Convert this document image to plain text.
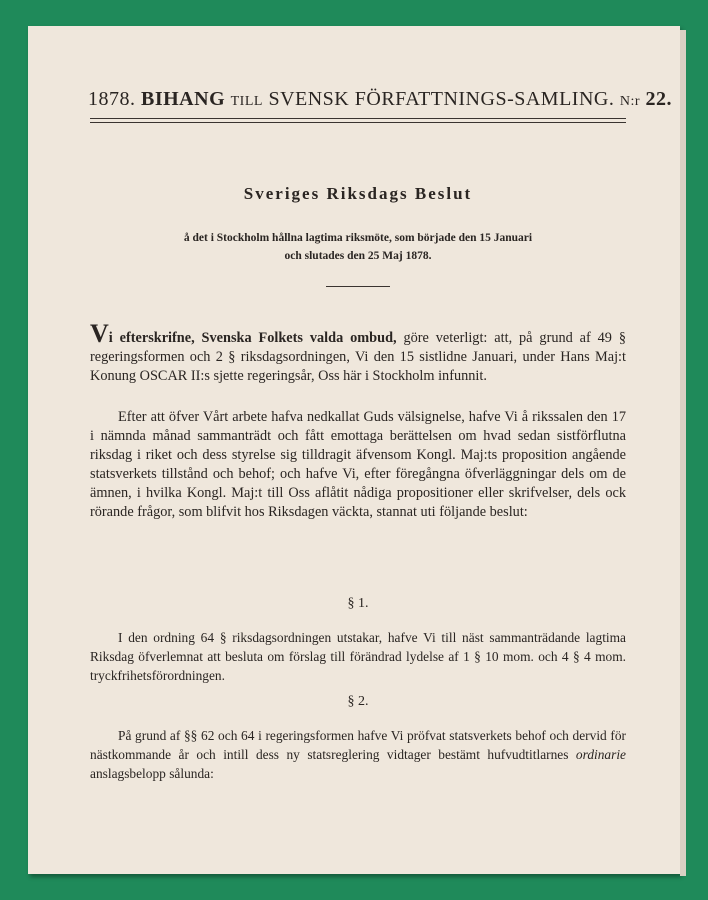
1878. BIHANG TILL SVENSK FÖRFATTNINGS-SAMLING. N:r 22.
Sveriges Riksdags Beslut
å det i Stockholm hållna lagtima riksmöte, som började den 15 Januari
och slutades den 25 Maj 1878.
Vi efterskrifne, Svenska Folkets valda ombud, göre veterligt: att, på grund af 49 § regeringsformen och 2 § riksdagsordningen, Vi den 15 sistlidne Januari, under Hans Maj:t Konung OSCAR II:s sjette regeringsår, Oss här i Stockholm infunnit.
Efter att öfver Vårt arbete hafva nedkallat Guds välsignelse, hafve Vi å rikssalen den 17 i nämnda månad sammanträdt och fått emottaga berättelsen om hvad sedan sistförflutna riksdag i riket och dess styrelse sig tilldragit äfvensom Kongl. Maj:ts proposition angående statsverkets tillstånd och behof; och hafve Vi, efter föregångna öfverläggningar dels om de ämnen, i hvilka Kongl. Maj:t till Oss aflåtit nådiga propositioner eller skrifvelser, dels ock rörande frågor, som blifvit hos Riksdagen väckta, stannat uti följande beslut:
§ 1.
I den ordning 64 § riksdagsordningen utstakar, hafve Vi till näst sammanträdande lagtima Riksdag öfverlemnat att besluta om förslag till förändrad lydelse af 1 § 10 mom. och 4 § 4 mom. tryckfrihetsförordningen.
§ 2.
På grund af §§ 62 och 64 i regeringsformen hafve Vi pröfvat statsverkets behof och dervid för nästkommande år och intill dess ny statsreglering vidtager bestämt hufvudtitlarnes ordinarie anslagsbelopp sålunda:
